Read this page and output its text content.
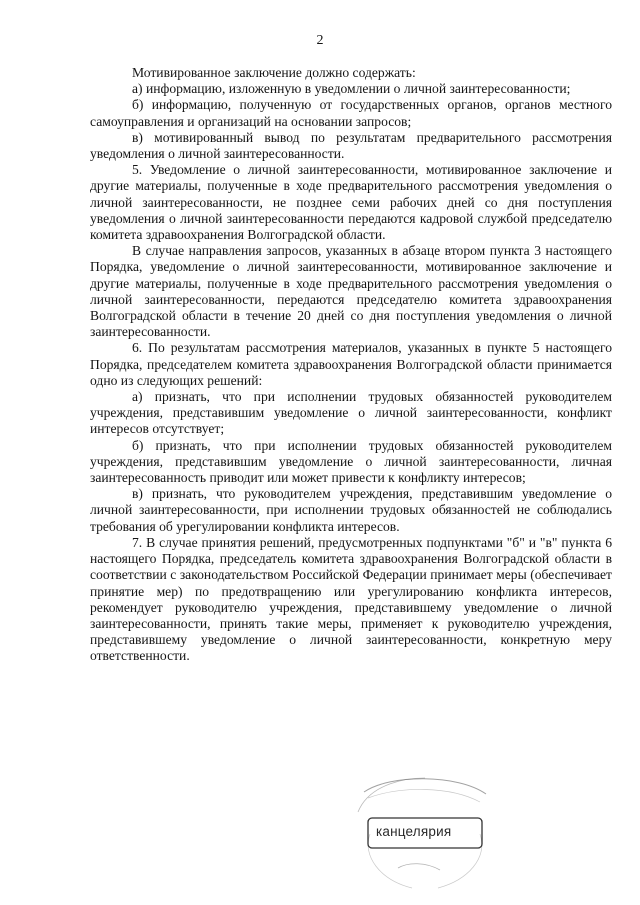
2

Мотивированное заключение должно содержать:

а) информацию, изложенную в уведомлении о личной заинтересованности;

б) информацию, полученную от государственных органов, органов местного самоуправления и организаций на основании запросов;

в) мотивированный вывод по результатам предварительного рассмотрения уведомления о личной заинтересованности.

5. Уведомление о личной заинтересованности, мотивированное заключение и другие материалы, полученные в ходе предварительного рассмотрения уведомления о личной заинтересованности, не позднее семи рабочих дней со дня поступления уведомления о личной заинтересованности передаются кадровой службой председателю комитета здравоохранения Волгоградской области.

В случае направления запросов, указанных в абзаце втором пункта 3 настоящего Порядка, уведомление о личной заинтересованности, мотивированное заключение и другие материалы, полученные в ходе предварительного рассмотрения уведомления о личной заинтересованности, передаются председателю комитета здравоохранения Волгоградской области в течение 20 дней со дня поступления уведомления о личной заинтересованности.

6. По результатам рассмотрения материалов, указанных в пункте 5 настоящего Порядка, председателем комитета здравоохранения Волгоградской области принимается одно из следующих решений:

а) признать, что при исполнении трудовых обязанностей руководителем учреждения, представившим уведомление о личной заинтересованности, конфликт интересов отсутствует;

б) признать, что при исполнении трудовых обязанностей руководителем учреждения, представившим уведомление о личной заинтересованности, личная заинтересованность приводит или может привести к конфликту интересов;

в) признать, что руководителем учреждения, представившим уведомление о личной заинтересованности, при исполнении трудовых обязанностей не соблюдались требования об урегулировании конфликта интересов.

7. В случае принятия решений, предусмотренных подпунктами "б" и "в" пункта 6 настоящего Порядка, председатель комитета здравоохранения Волгоградской области в соответствии с законодательством Российской Федерации принимает меры (обеспечивает принятие мер) по предотвращению или урегулированию конфликта интересов, рекомендует руководителю учреждения, представившему уведомление о личной заинтересованности, принять такие меры, применяет к руководителю учреждения, представившему уведомление о личной заинтересованности, конкретную меру ответственности.

канцелярия
